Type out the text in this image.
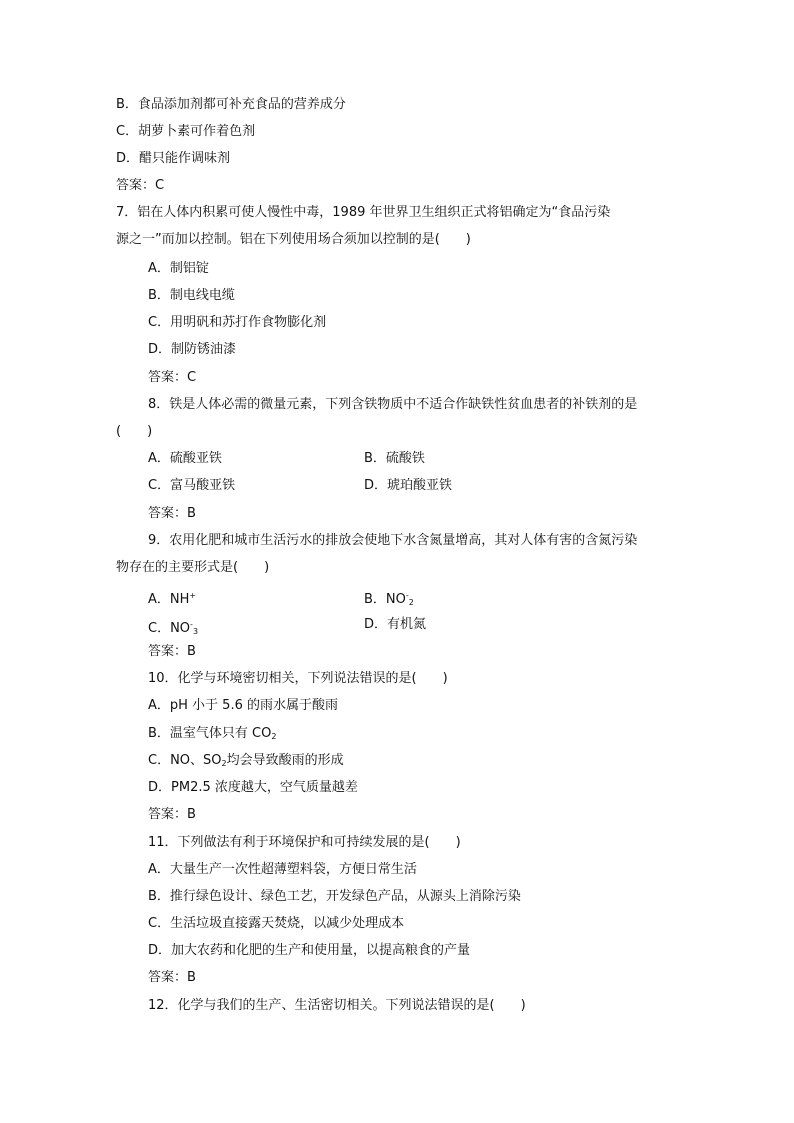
B．食品添加剂都可补充食品的营养成分
C．胡萝卜素可作着色剂
D．醋只能作调味剂
答案：C
7．铝在人体内积累可使人慢性中毒，1989 年世界卫生组织正式将铝确定为“食品污染
源之一”而加以控制。铝在下列使用场合须加以控制的是(　　)
A．制铝锭
B．制电线电缆
C．用明矾和苏打作食物膨化剂
D．制防锈油漆
答案：C
8．铁是人体必需的微量元素，下列含铁物质中不适合作缺铁性贫血患者的补铁剂的是
(　　)
A．硫酸亚铁	B．硫酸铁
C．富马酸亚铁	D．琥珀酸亚铁
答案：B
9．农用化肥和城市生活污水的排放会使地下水含氮量增高，其对人体有害的含氮污染
物存在的主要形式是(　　)
A．NH+	B．$NO^-_2$
C．$NO^-_3$	D．有机氮
答案：B
10．化学与环境密切相关，下列说法错误的是(　　)
A．pH 小于 5.6 的雨水属于酸雨
B．温室气体只有 $CO_2$
C．NO、$SO_2$均会导致酸雨的形成
D．PM2.5 浓度越大，空气质量越差
答案：B
11．下列做法有利于环境保护和可持续发展的是(　　)
A．大量生产一次性超薄塑料袋，方便日常生活
B．推行绿色设计、绿色工艺，开发绿色产品，从源头上消除污染
C．生活垃圾直接露天焚烧，以减少处理成本
D．加大农药和化肥的生产和使用量，以提高粮食的产量
答案：B
12．化学与我们的生产、生活密切相关。下列说法错误的是(　　)
